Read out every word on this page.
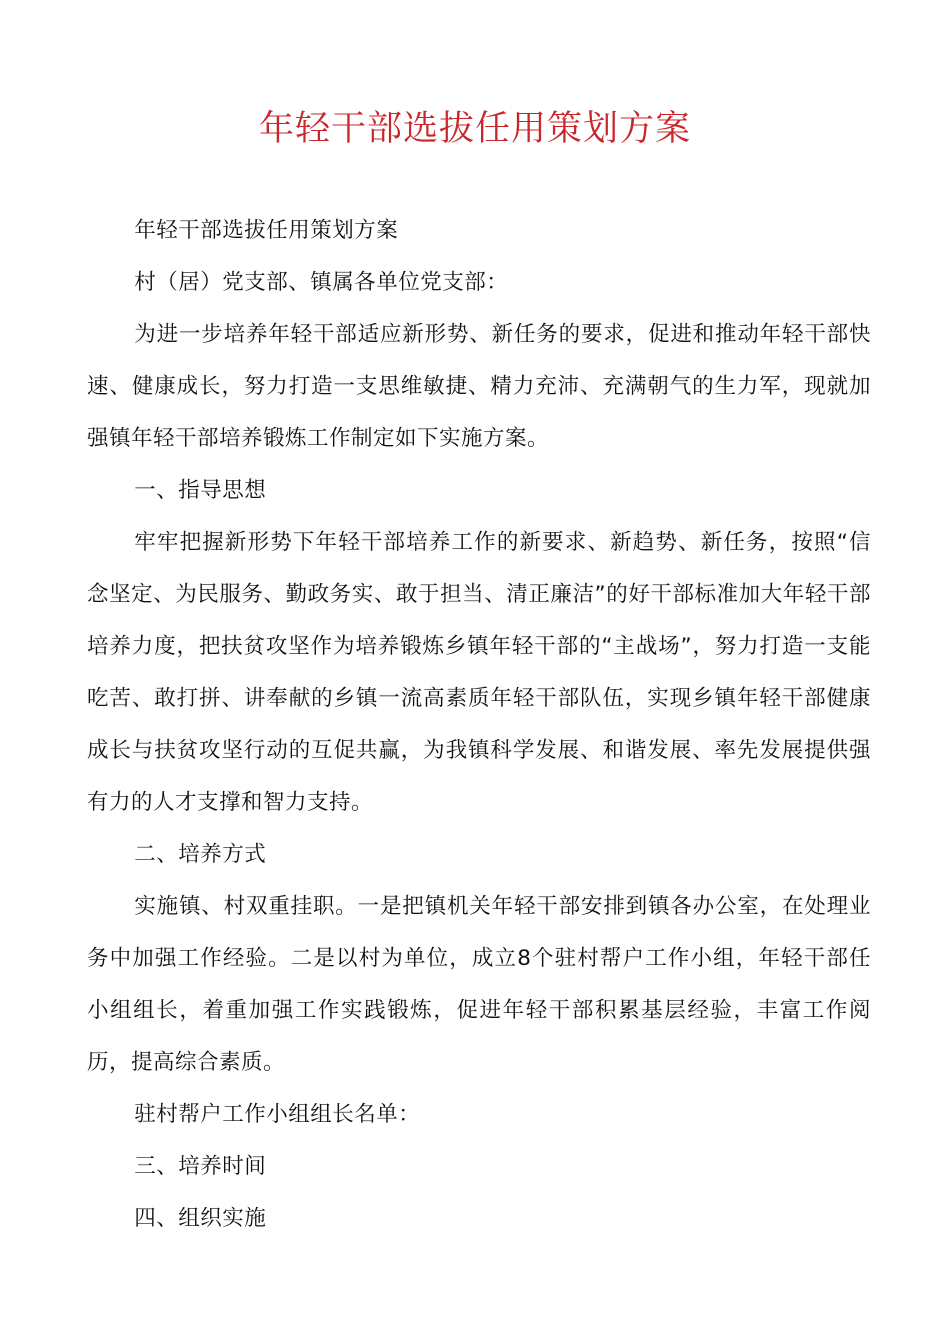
年轻干部选拔任用策划方案

年轻干部选拔任用策划方案

村（居）党支部、镇属各单位党支部：

为进一步培养年轻干部适应新形势、新任务的要求，促进和推动年轻干部快速、健康成长，努力打造一支思维敏捷、精力充沛、充满朝气的生力军，现就加强镇年轻干部培养锻炼工作制定如下实施方案。

一、指导思想

牢牢把握新形势下年轻干部培养工作的新要求、新趋势、新任务，按照“信念坚定、为民服务、勤政务实、敢于担当、清正廉洁”的好干部标准加大年轻干部培养力度，把扶贫攻坚作为培养锻炼乡镇年轻干部的“主战场”，努力打造一支能吃苦、敢打拼、讲奉献的乡镇一流高素质年轻干部队伍，实现乡镇年轻干部健康成长与扶贫攻坚行动的互促共赢，为我镇科学发展、和谐发展、率先发展提供强有力的人才支撑和智力支持。

二、培养方式

实施镇、村双重挂职。一是把镇机关年轻干部安排到镇各办公室，在处理业务中加强工作经验。二是以村为单位，成立8个驻村帮户工作小组，年轻干部任小组组长，着重加强工作实践锻炼，促进年轻干部积累基层经验，丰富工作阅历，提高综合素质。

驻村帮户工作小组组长名单：

三、培养时间

四、组织实施
